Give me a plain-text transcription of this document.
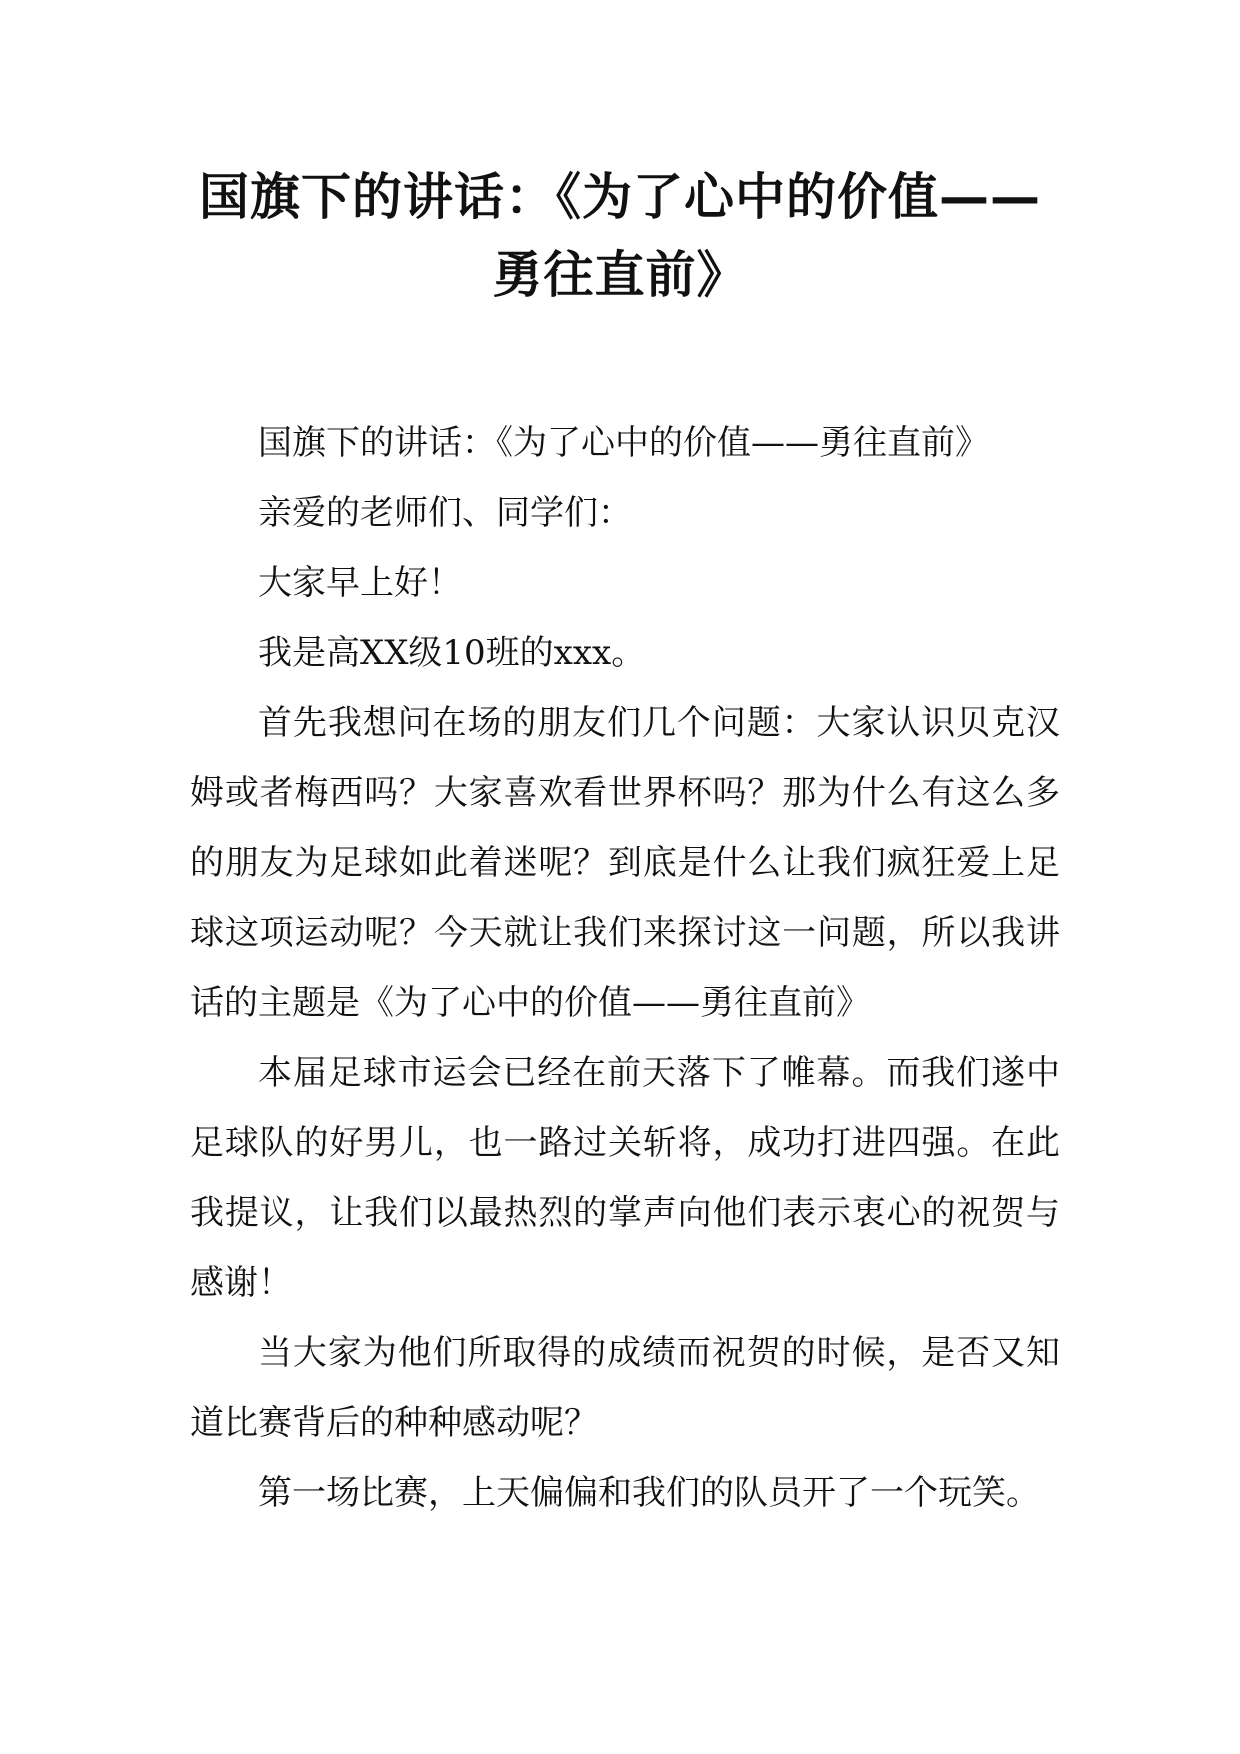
国旗下的讲话：《为了心中的价值——
勇往直前》

国旗下的讲话：《为了心中的价值——勇往直前》

亲爱的老师们、同学们：

大家早上好！

我是高XX级10班的xxx。

首先我想问在场的朋友们几个问题：大家认识贝克汉姆或者梅西吗？大家喜欢看世界杯吗？那为什么有这么多的朋友为足球如此着迷呢？到底是什么让我们疯狂爱上足球这项运动呢？今天就让我们来探讨这一问题，所以我讲话的主题是《为了心中的价值——勇往直前》

本届足球市运会已经在前天落下了帷幕。而我们遂中足球队的好男儿，也一路过关斩将，成功打进四强。在此我提议，让我们以最热烈的掌声向他们表示衷心的祝贺与感谢！

当大家为他们所取得的成绩而祝贺的时候，是否又知道比赛背后的种种感动呢？

第一场比赛，上天偏偏和我们的队员开了一个玩笑。
